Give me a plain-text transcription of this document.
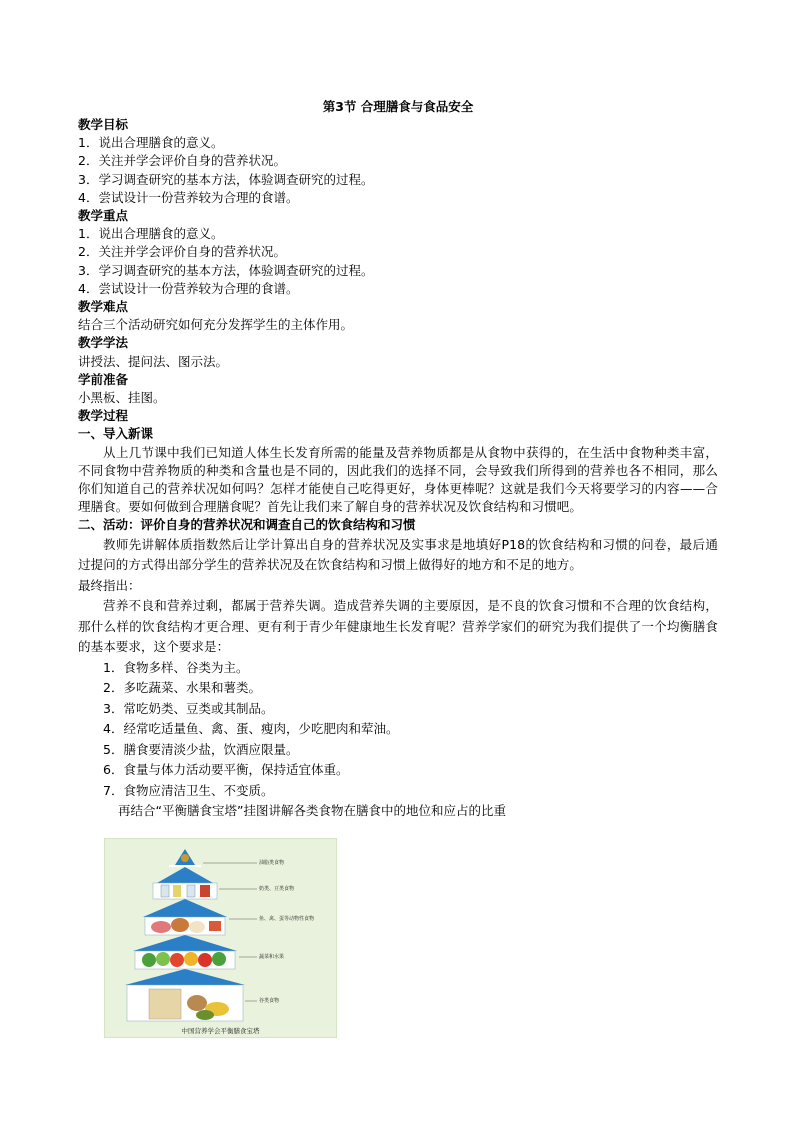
第3节 合理膳食与食品安全
教学目标
1．说出合理膳食的意义。
2．关注并学会评价自身的营养状况。
3．学习调查研究的基本方法，体验调查研究的过程。
4．尝试设计一份营养较为合理的食谱。
教学重点
1．说出合理膳食的意义。
2．关注并学会评价自身的营养状况。
3．学习调查研究的基本方法，体验调查研究的过程。
4．尝试设计一份营养较为合理的食谱。
教学难点
结合三个活动研究如何充分发挥学生的主体作用。
教学学法
讲授法、提问法、图示法。
学前准备
小黑板、挂图。
教学过程
一、导入新课
从上几节课中我们已知道人体生长发育所需的能量及营养物质都是从食物中获得的，在生活中食物种类丰富，不同食物中营养物质的种类和含量也是不同的，因此我们的选择不同，会导致我们所得到的营养也各不相同，那么你们知道自己的营养状况如何吗？怎样才能使自己吃得更好，身体更棒呢？这就是我们今天将要学习的内容——合理膳食。要如何做到合理膳食呢？首先让我们来了解自身的营养状况及饮食结构和习惯吧。
二、活动：评价自身的营养状况和调查自己的饮食结构和习惯
教师先讲解体质指数然后让学计算出自身的营养状况及实事求是地填好P18的饮食结构和习惯的问卷，最后通过提问的方式得出部分学生的营养状况及在饮食结构和习惯上做得好的地方和不足的地方。
最终指出：
营养不良和营养过剩，都属于营养失调。造成营养失调的主要原因，是不良的饮食习惯和不合理的饮食结构，那什么样的饮食结构才更合理、更有利于青少年健康地生长发育呢？营养学家们的研究为我们提供了一个均衡膳食的基本要求，这个要求是：
1．食物多样、谷类为主。
2．多吃蔬菜、水果和薯类。
3．常吃奶类、豆类或其制品。
4．经常吃适量鱼、禽、蛋、瘦肉，少吃肥肉和荤油。
5．膳食要清淡少盐，饮酒应限量。
6．食量与体力活动要平衡，保持适宜体重。
7．食物应清洁卫生、不变质。
再结合“平衡膳食宝塔”挂图讲解各类食物在膳食中的地位和应占的比重
油脂类食物
奶类、豆类食物
鱼、禽、蛋等动物性食物
蔬菜和水果
谷类食物
中国营养学会平衡膳食宝塔
